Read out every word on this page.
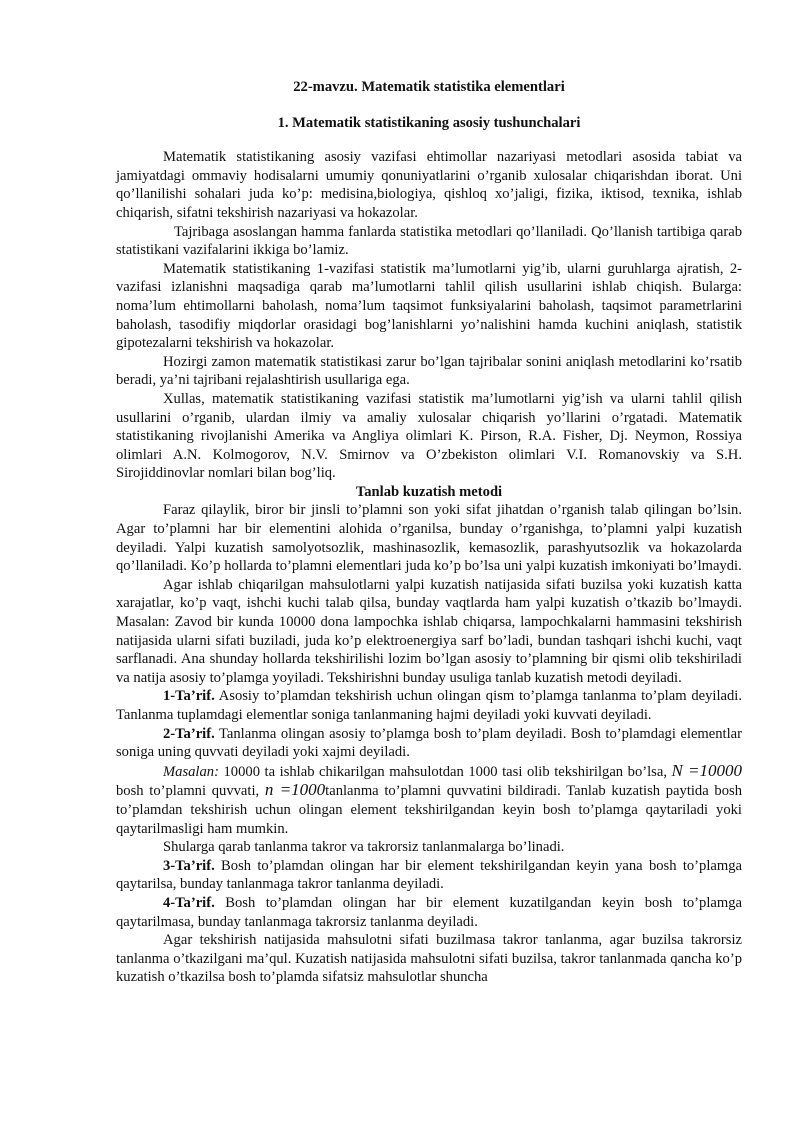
22-mavzu. Matematik statistika elementlari
1. Matematik statistikaning asosiy tushunchalari

Matematik statistikaning asosiy vazifasi ehtimollar nazariyasi metodlari asosida tabiat va jamiyatdagi ommaviy hodisalarni umumiy qonuniyatlarini o’rganib xulosalar chiqarishdan iborat. Uni qo’llanilishi sohalari juda ko’p: medisina,biologiya, qishloq xo’jaligi, fizika, iktisod, texnika, ishlab chiqarish, sifatni tekshirish nazariyasi va hokazolar.

Tajribaga asoslangan hamma fanlarda statistika metodlari qo’llaniladi. Qo’llanish tartibiga qarab statistikani vazifalarini ikkiga bo’lamiz.

Matematik statistikaning 1-vazifasi statistik ma’lumotlarni yig’ib, ularni guruhlarga ajratish, 2-vazifasi izlanishni maqsadiga qarab ma’lumotlarni tahlil qilish usullarini ishlab chiqish. Bularga: noma’lum ehtimollarni baholash, noma’lum taqsimot funksiyalarini baholash, taqsimot parametrlarini baholash, tasodifiy miqdorlar orasidagi bog’lanishlarni yo’nalishini hamda kuchini aniqlash, statistik gipotezalarni tekshirish va hokazolar.

Hozirgi zamon matematik statistikasi zarur bo’lgan tajribalar sonini aniqlash metodlarini ko’rsatib beradi, ya’ni tajribani rejalashtirish usullariga ega.

Xullas, matematik statistikaning vazifasi statistik ma’lumotlarni yig’ish va ularni tahlil qilish usullarini o’rganib, ulardan ilmiy va amaliy xulosalar chiqarish yo’llarini o’rgatadi. Matematik statistikaning rivojlanishi Amerika va Angliya olimlari K. Pirson, R.A. Fisher, Dj. Neymon, Rossiya olimlari A.N. Kolmogorov, N.V. Smirnov va O’zbekiston olimlari V.I. Romanovskiy va S.H. Sirojiddinovlar nomlari bilan bog’liq.

Tanlab kuzatish metodi

Faraz qilaylik, biror bir jinsli to’plamni son yoki sifat jihatdan o’rganish talab qilingan bo’lsin. Agar to’plamni har bir elementini alohida o’rganilsa, bunday o’rganishga, to’plamni yalpi kuzatish deyiladi. Yalpi kuzatish samolyotsozlik, mashinasozlik, kemasozlik, parashyutsozlik va hokazolarda qo’llaniladi. Ko’p hollarda to’plamni elementlari juda ko’p bo’lsa uni yalpi kuzatish imkoniyati bo’lmaydi.

Agar ishlab chiqarilgan mahsulotlarni yalpi kuzatish natijasida sifati buzilsa yoki kuzatish katta xarajatlar, ko’p vaqt, ishchi kuchi talab qilsa, bunday vaqtlarda ham yalpi kuzatish o’tkazib bo’lmaydi. Masalan: Zavod bir kunda 10000 dona lampochka ishlab chiqarsa, lampochkalarni hammasini tekshirish natijasida ularni sifati buziladi, juda ko’p elektroenergiya sarf bo’ladi, bundan tashqari ishchi kuchi, vaqt sarflanadi. Ana shunday hollarda tekshirilishi lozim bo’lgan asosiy to’plamning bir qismi olib tekshiriladi va natija asosiy to’plamga yoyiladi. Tekshirishni bunday usuliga tanlab kuzatish metodi deyiladi.

1-Ta’rif. Asosiy to’plamdan tekshirish uchun olingan qism to’plamga tanlanma to’plam deyiladi. Tanlanma tuplamdagi elementlar soniga tanlanmaning hajmi deyiladi yoki kuvvati deyiladi.

2-Ta’rif. Tanlanma olingan asosiy to’plamga bosh to’plam deyiladi. Bosh to’plamdagi elementlar soniga uning quvvati deyiladi yoki xajmi deyiladi.

Masalan: 10000 ta ishlab chikarilgan mahsulotdan 1000 tasi olib tekshirilgan bo’lsa, N =10000 bosh to’plamni quvvati, n =1000tanlanma to’plamni quvvatini bildiradi. Tanlab kuzatish paytida bosh to’plamdan tekshirish uchun olingan element tekshirilgandan keyin bosh to’plamga qaytariladi yoki qaytarilmasligi ham mumkin.

Shularga qarab tanlanma takror va takrorsiz tanlanmalarga bo’linadi.

3-Ta’rif. Bosh to’plamdan olingan har bir element tekshirilgandan keyin yana bosh to’plamga qaytarilsa, bunday tanlanmaga takror tanlanma deyiladi.

4-Ta’rif. Bosh to’plamdan olingan har bir element kuzatilgandan keyin bosh to’plamga qaytarilmasa, bunday tanlanmaga takrorsiz tanlanma deyiladi.

Agar tekshirish natijasida mahsulotni sifati buzilmasa takror tanlanma, agar buzilsa takrorsiz tanlanma o’tkazilgani ma’qul. Kuzatish natijasida mahsulotni sifati buzilsa, takror tanlanmada qancha ko’p kuzatish o’tkazilsa bosh to’plamda sifatsiz mahsulotlar shuncha
